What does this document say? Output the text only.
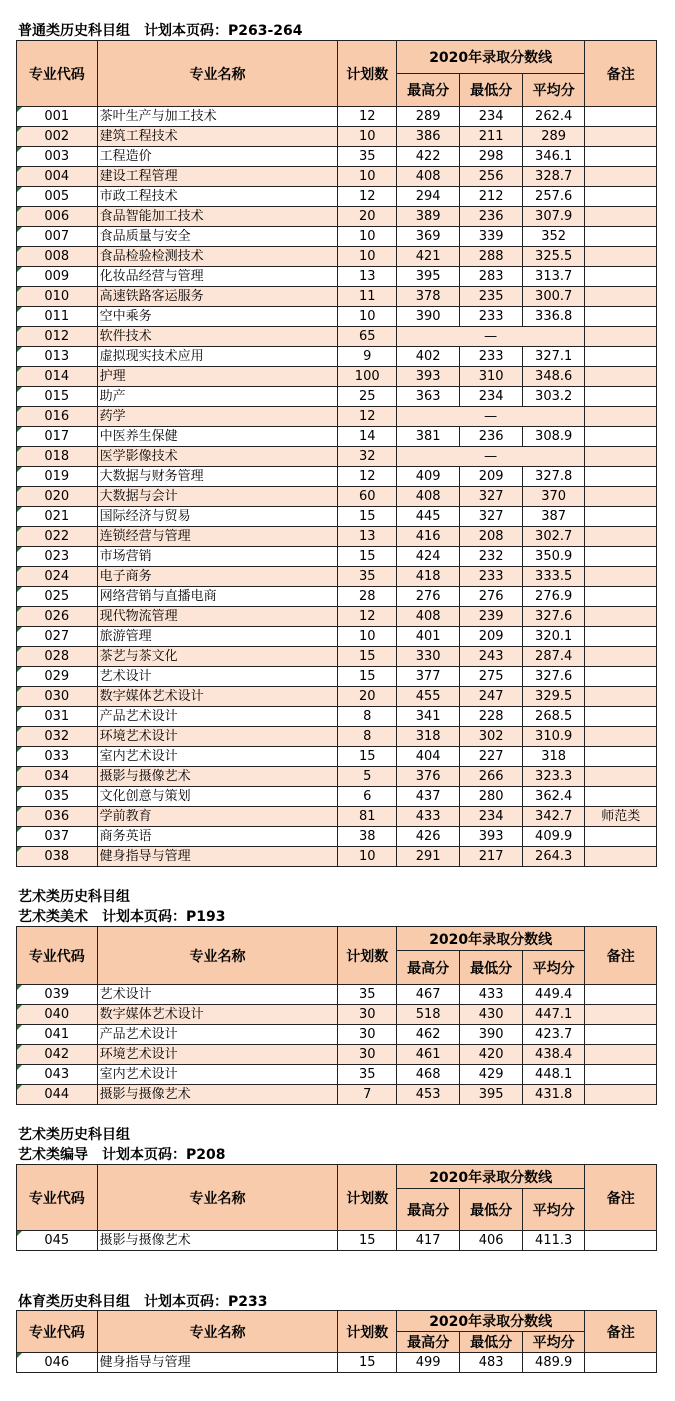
普通类历史科目组　计划本页码：P263-264
专业代码	专业名称	计划数	2020年录取分数线			备注
			最高分	最低分	平均分	
001	茶叶生产与加工技术	12	289	234	262.4	
002	建筑工程技术	10	386	211	289	
003	工程造价	35	422	298	346.1	
004	建设工程管理	10	408	256	328.7	
005	市政工程技术	12	294	212	257.6	
006	食品智能加工技术	20	389	236	307.9	
007	食品质量与安全	10	369	339	352	
008	食品检验检测技术	10	421	288	325.5	
009	化妆品经营与管理	13	395	283	313.7	
010	高速铁路客运服务	11	378	235	300.7	
011	空中乘务	10	390	233	336.8	
012	软件技术	65	—			
013	虚拟现实技术应用	9	402	233	327.1	
014	护理	100	393	310	348.6	
015	助产	25	363	234	303.2	
016	药学	12	—			
017	中医养生保健	14	381	236	308.9	
018	医学影像技术	32	—			
019	大数据与财务管理	12	409	209	327.8	
020	大数据与会计	60	408	327	370	
021	国际经济与贸易	15	445	327	387	
022	连锁经营与管理	13	416	208	302.7	
023	市场营销	15	424	232	350.9	
024	电子商务	35	418	233	333.5	
025	网络营销与直播电商	28	276	276	276.9	
026	现代物流管理	12	408	239	327.6	
027	旅游管理	10	401	209	320.1	
028	茶艺与茶文化	15	330	243	287.4	
029	艺术设计	15	377	275	327.6	
030	数字媒体艺术设计	20	455	247	329.5	
031	产品艺术设计	8	341	228	268.5	
032	环境艺术设计	8	318	302	310.9	
033	室内艺术设计	15	404	227	318	
034	摄影与摄像艺术	5	376	266	323.3	
035	文化创意与策划	6	437	280	362.4	
036	学前教育	81	433	234	342.7	师范类
037	商务英语	38	426	393	409.9	
038	健身指导与管理	10	291	217	264.3	
艺术类历史科目组
艺术类美术　计划本页码：P193
专业代码	专业名称	计划数	2020年录取分数线			备注
			最高分	最低分	平均分	
039	艺术设计	35	467	433	449.4	
040	数字媒体艺术设计	30	518	430	447.1	
041	产品艺术设计	30	462	390	423.7	
042	环境艺术设计	30	461	420	438.4	
043	室内艺术设计	35	468	429	448.1	
044	摄影与摄像艺术	7	453	395	431.8	
艺术类历史科目组
艺术类编导　计划本页码：P208
专业代码	专业名称	计划数	2020年录取分数线			备注
			最高分	最低分	平均分	
045	摄影与摄像艺术	15	417	406	411.3	
体育类历史科目组　计划本页码：P233
专业代码	专业名称	计划数	2020年录取分数线			备注
			最高分	最低分	平均分	
046	健身指导与管理	15	499	483	489.9	
